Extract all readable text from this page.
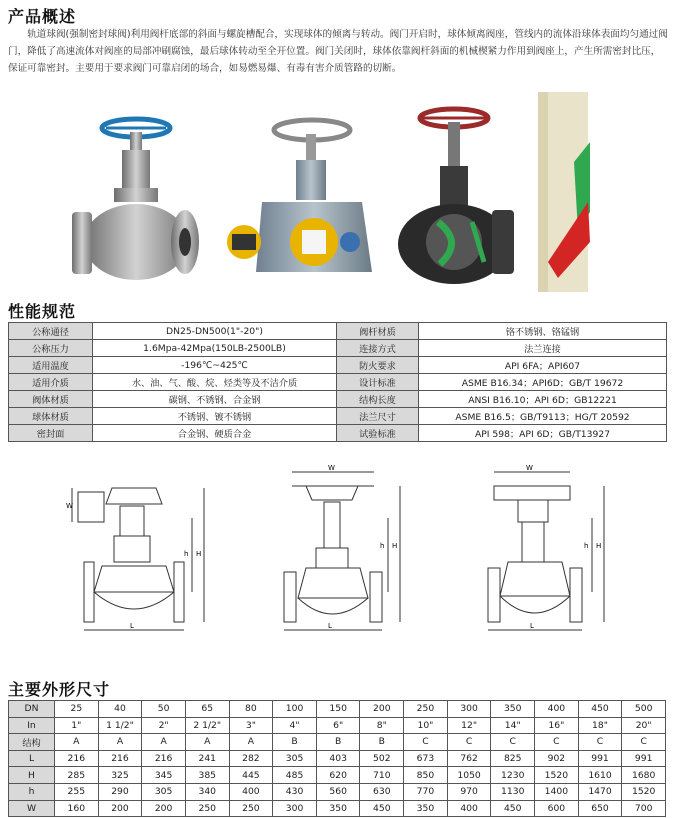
产品概述
轨道球阀(强制密封球阀)利用阀杆底部的斜面与螺旋槽配合，实现球体的倾离与转动。阀门开启时，球体倾离阀座，管线内的流体沿球体表面均匀通过阀门，降低了高速流体对阀座的局部冲刷腐蚀，最后球体转动至全开位置。阀门关闭时，球体依靠阀杆斜面的机械楔紧力作用到阀座上，产生所需密封比压，保证可靠密封。主要用于要求阀门可靠启闭的场合，如易燃易爆、有毒有害介质管路的切断。
性能规范
公称通径	DN25-DN500(1"-20")	阀杆材质	铬不锈钢、铬锰钢
公称压力	1.6Mpa-42Mpa(150LB-2500LB)	连接方式	法兰连接
适用温度	-196℃~425℃	防火要求	API 6FA；API607
适用介质	水、油、气、酸、烷、烃类等及不洁介质	设计标准	ASME B16.34；API6D；GB/T 19672
阀体材质	碳钢、不锈钢、合金钢	结构长度	ANSI B16.10；API 6D；GB12221
球体材质	不锈钢、镀不锈钢	法兰尺寸	ASME B16.5；GB/T9113；HG/T 20592
密封面	合金钢、硬质合金	试验标准	API 598；API 6D；GB/T13927
W
h H
L
W
h H
L
W
h H
L
主要外形尺寸
DN	25	40	50	65	80	100	150	200	250	300	350	400	450	500
In	1"	1 1/2"	2"	2 1/2"	3"	4"	6"	8"	10"	12"	14"	16"	18"	20"
结构	A	A	A	A	A	B	B	B	C	C	C	C	C	C
L	216	216	216	241	282	305	403	502	673	762	825	902	991	991
H	285	325	345	385	445	485	620	710	850	1050	1230	1520	1610	1680
h	255	290	305	340	400	430	560	630	770	970	1130	1400	1470	1520
W	160	200	200	250	250	300	350	450	350	400	450	600	650	700
